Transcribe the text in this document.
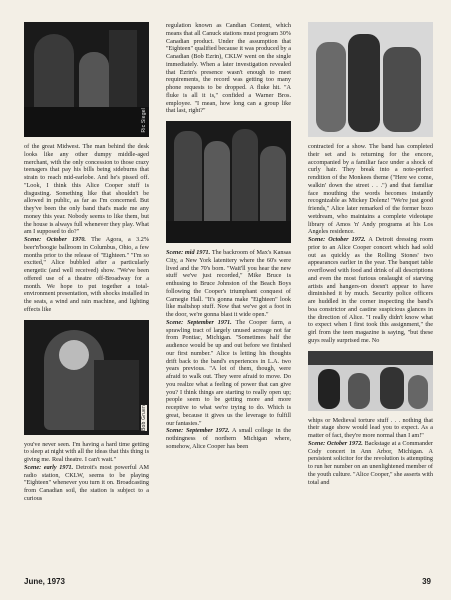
Ric Siegel

of the great Midwest. The man behind the desk looks like any other dumpy middle-aged merchant, with the only concession to those crazy teenagers that pay his bills being sideburns that strain to reach mid-earlobe. And he's pissed off. "Look, I think this Alice Cooper stuff is disgusting. Something like that shouldn't be allowed in public, as far as I'm concerned. But they've been the only band that's made me any money this year. Nobody seems to like them, but the house is always full whenever they play. What am I supposed to do?"

Scene: October 1970. The Agora, a 3.2% beer'n'boogie ballroom in Columbus, Ohio, a few months prior to the release of "Eighteen." "I'm so excited," Alice bubbled after a particularly energetic (and well received) show. "We've been offered use of a theatre off-Broadway for a month. We hope to put together a total-environment presentation, with shocks installed in the seats, a wind and rain machine, and lighting effects like

Bob Gruen

you've never seen. I'm having a hard time getting to sleep at night with all the ideas that this thing is giving me. Real theatre. I can't wait."

Scene: early 1971. Detroit's most powerful AM radio station, CKLW, seems to be playing "Eighteen" whenever you turn it on. Broadcasting from Canadian soil, the station is subject to a curious

regulation known as Candian Content, which means that all Canuck stations must program 30% Canadian product. Under the assumption that "Eighteen" qualified because it was produced by a Canadian (Bob Ezrin), CKLW went on the single immediately. When a later investigation revealed that Ezrin's presence wasn't enough to meet requirements, the record was getting too many phone requests to be dropped. A fluke hit. "A fluke is all it is," confided a Warner Bros. employee. "I mean, how long can a group like that last, right?"

Scene: mid 1971. The backroom of Max's Kansas City, a New York latenitery where the 60's were lived and the 70's born. "Wait'll you hear the new stuff we've just recorded," Mike Bruce is enthusing to Bruce Johnston of the Beach Boys following the Cooper's triumphant conquest of Carnegie Hall. "It's gonna make "Eighteen" look like maltshop stuff. Now that we've got a foot in the door, we're gonna blast it wide open."

Scene: September 1971. The Cooper farm, a sprawling tract of largely unused acreage not far from Pontiac, Michigan. "Sometimes half the audience would be up and out before we finished our first number." Alice is letting his thoughts drift back to the band's experiences in L.A. two years previous. "A lot of them, though, were afraid to walk out. They were afraid to move. Do you realize what a feeling of power that can give you? I think things are starting to really open up; people seem to be getting more and more receptive to what we're trying to do. Which is great, because it gives us the leverage to fulfill our fantasies."

Scene: September 1972. A small college in the nothingness of northern Michigan where, somehow, Alice Cooper has been

contracted for a show. The band has completed their set and is returning for the encore, accompanied by a familiar face under a shock of curly hair. They break into a note-perfect rendition of the Monkees theme ("Here we come, walkin' down the street . . .") and that familiar face mouthing the words becomes instantly recognizable as Mickey Dolenz! "We're just good friends," Alice later remarked of the former bozo wetdream, who maintains a complete videotape library of Amos 'n' Andy programs at his Los Angeles residence.

Scene: October 1972. A Detroit dressing room prior to an Alice Cooper concert which had sold out as quickly as the Rolling Stones' two appearances earlier in the year. The banquet table overflowed with food and drink of all descriptions and even the most furious onslaught of starving artists and hangers-on doesn't appear to have diminished it by much. Security police officers are huddled in the corner inspecting the band's boa constrictor and castine suspicious glances in the direction of Alice. "I really didn't know what to expect when I first took this assignment," the girl from the teen magazine is saying, "but these guys really surprised me. No

whips or Medieval torture stuff . . . nothing that their stage show would lead you to expect. As a matter of fact, they're more normal than I am!"

Scene: October 1972. Backstage at a Commander Cody concert in Ann Arbor, Michigan. A persistent solicitor for the revolution is attempting to run her number on an unenlightened member of the youth culture. "Alice Cooper," she asserts with total and

June, 1973	39
